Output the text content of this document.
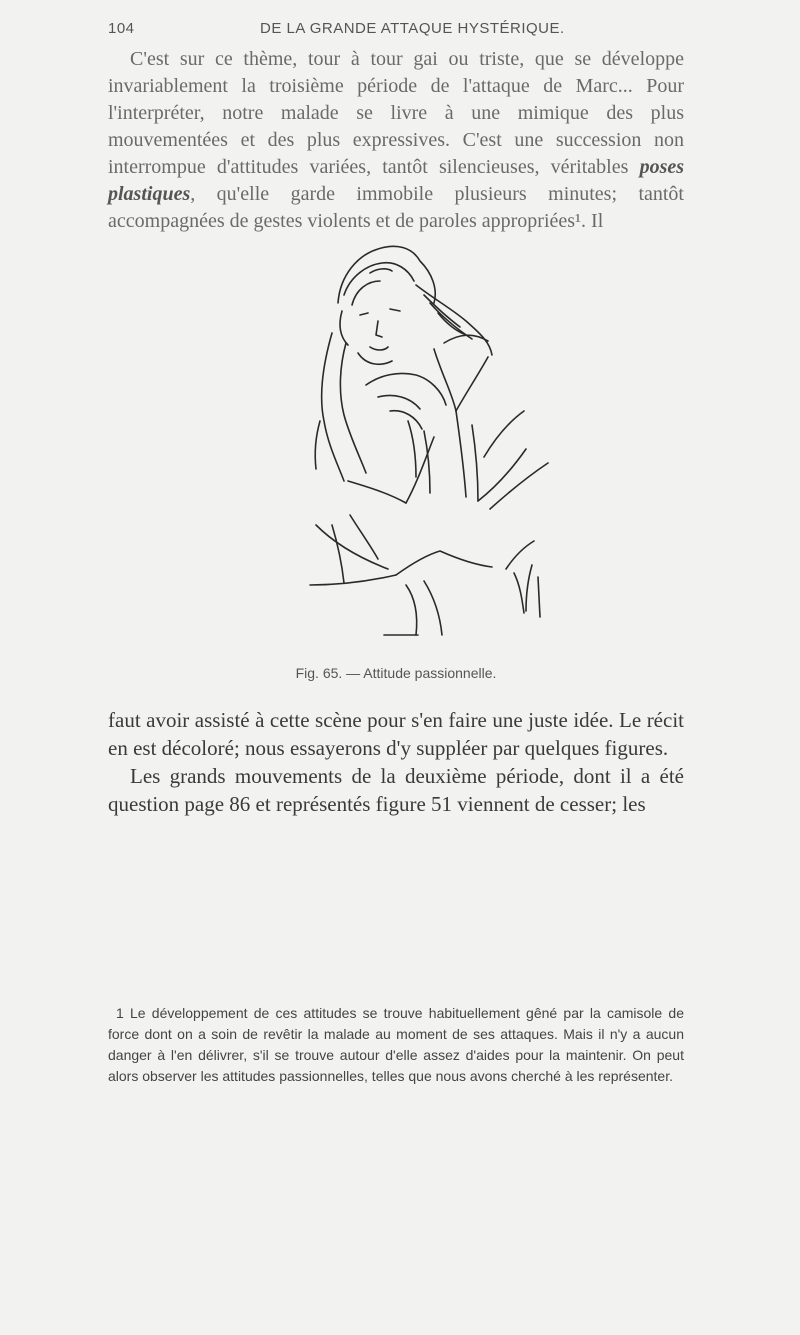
104	DE LA GRANDE ATTAQUE HYSTÉRIQUE.

C'est sur ce thème, tour à tour gai ou triste, que se développe invariablement la troisième période de l'attaque de Marc... Pour l'interpréter, notre malade se livre à une mimique des plus mouvementées et des plus expressives. C'est une succession non interrompue d'attitudes variées, tantôt silencieuses, véritables poses plastiques, qu'elle garde immobile plusieurs minutes; tantôt accompagnées de gestes violents et de paroles appropriées¹. Il

Fig. 65. — Attitude passionnelle.

faut avoir assisté à cette scène pour s'en faire une juste idée. Le récit en est décoloré; nous essayerons d'y suppléer par quelques figures.

Les grands mouvements de la deuxième période, dont il a été question page 86 et représentés figure 51 viennent de cesser; les

1 Le développement de ces attitudes se trouve habituellement gêné par la camisole de force dont on a soin de revêtir la malade au moment de ses attaques. Mais il n'y a aucun danger à l'en délivrer, s'il se trouve autour d'elle assez d'aides pour la maintenir. On peut alors observer les attitudes passionnelles, telles que nous avons cherché à les représenter.
